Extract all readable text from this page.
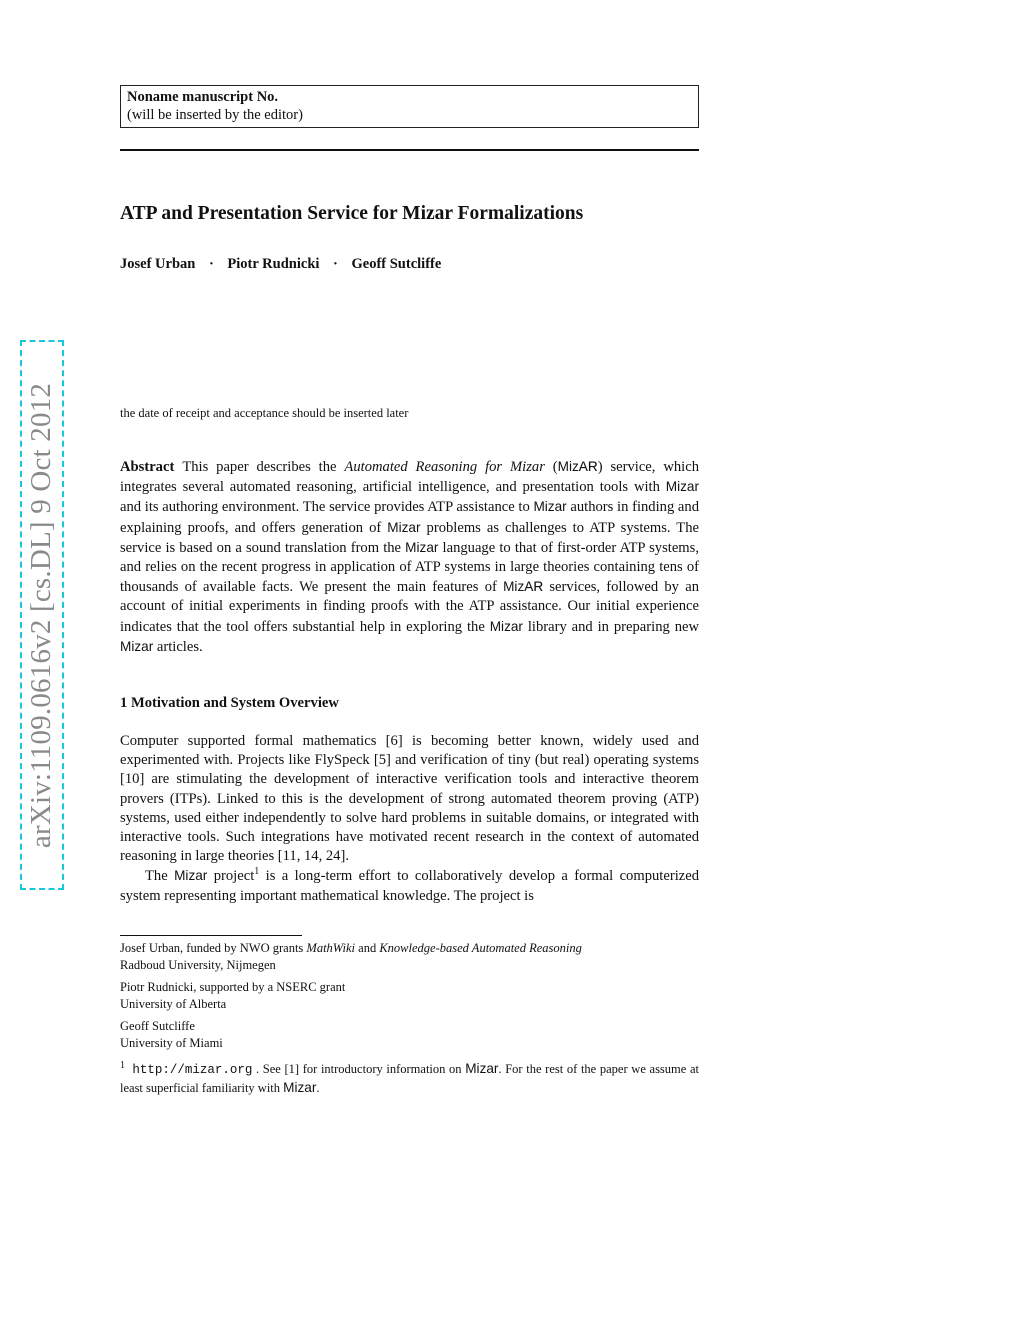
arXiv:1109.0616v2 [cs.DL] 9 Oct 2012
Noname manuscript No.
(will be inserted by the editor)
ATP and Presentation Service for Mizar Formalizations
Josef Urban · Piotr Rudnicki · Geoff Sutcliffe
the date of receipt and acceptance should be inserted later

Abstract This paper describes the Automated Reasoning for Mizar (MizAR) service, which integrates several automated reasoning, artificial intelligence, and presentation tools with Mizar and its authoring environment. The service provides ATP assistance to Mizar authors in finding and explaining proofs, and offers generation of Mizar problems as challenges to ATP systems. The service is based on a sound translation from the Mizar language to that of first-order ATP systems, and relies on the recent progress in application of ATP systems in large theories containing tens of thousands of available facts. We present the main features of MizAR services, followed by an account of initial experiments in finding proofs with the ATP assistance. Our initial experience indicates that the tool offers substantial help in exploring the Mizar library and in preparing new Mizar articles.

1 Motivation and System Overview

Computer supported formal mathematics [6] is becoming better known, widely used and experimented with. Projects like FlySpeck [5] and verification of tiny (but real) operating systems [10] are stimulating the development of interactive verification tools and interactive theorem provers (ITPs). Linked to this is the development of strong automated theorem proving (ATP) systems, used either independently to solve hard problems in suitable domains, or integrated with interactive tools. Such integrations have motivated recent research in the context of automated reasoning in large theories [11, 14, 24].

The Mizar project$^1$ is a long-term effort to collaboratively develop a formal computerized system representing important mathematical knowledge. The project is

Josef Urban, funded by NWO grants MathWiki and Knowledge-based Automated Reasoning
Radboud University, Nijmegen
Piotr Rudnicki, supported by a NSERC grant
University of Alberta
Geoff Sutcliffe
University of Miami
$^1$ http://mizar.org . See [1] for introductory information on Mizar. For the rest of the paper we assume at least superficial familiarity with Mizar.
